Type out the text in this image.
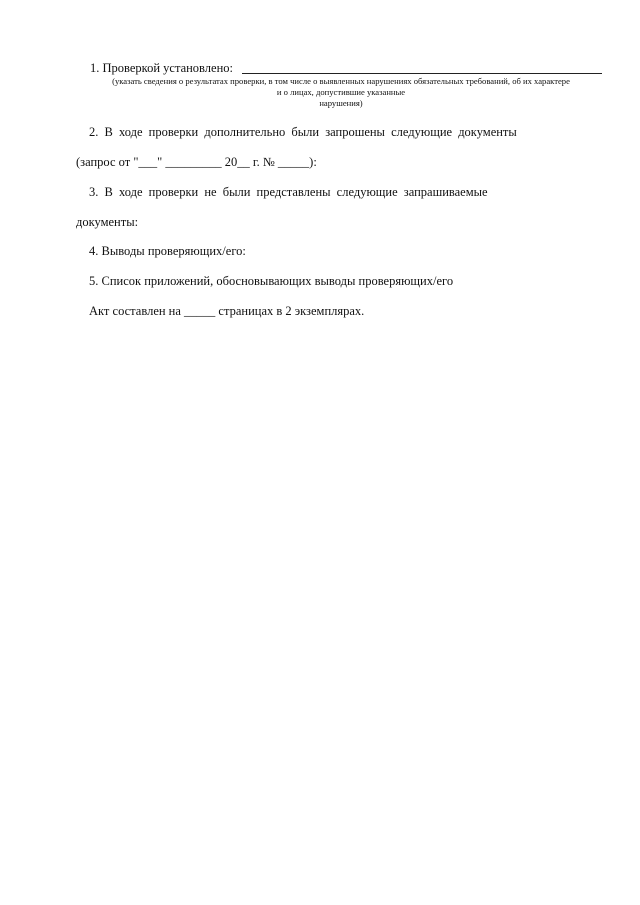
1. Проверкой установлено:
(указать сведения о результатах проверки, в том числе о выявленных нарушениях обязательных требований, об их характере
и о лицах, допустившие указанные
нарушения)
2. В ходе проверки дополнительно были запрошены следующие документы
(запрос от "___" _________ 20__ г. № _____):
3. В ходе проверки не были представлены следующие запрашиваемые
документы:
4. Выводы проверяющих/его:
5. Список приложений, обосновывающих выводы проверяющих/его
Акт составлен на _____ страницах в 2 экземплярах.
